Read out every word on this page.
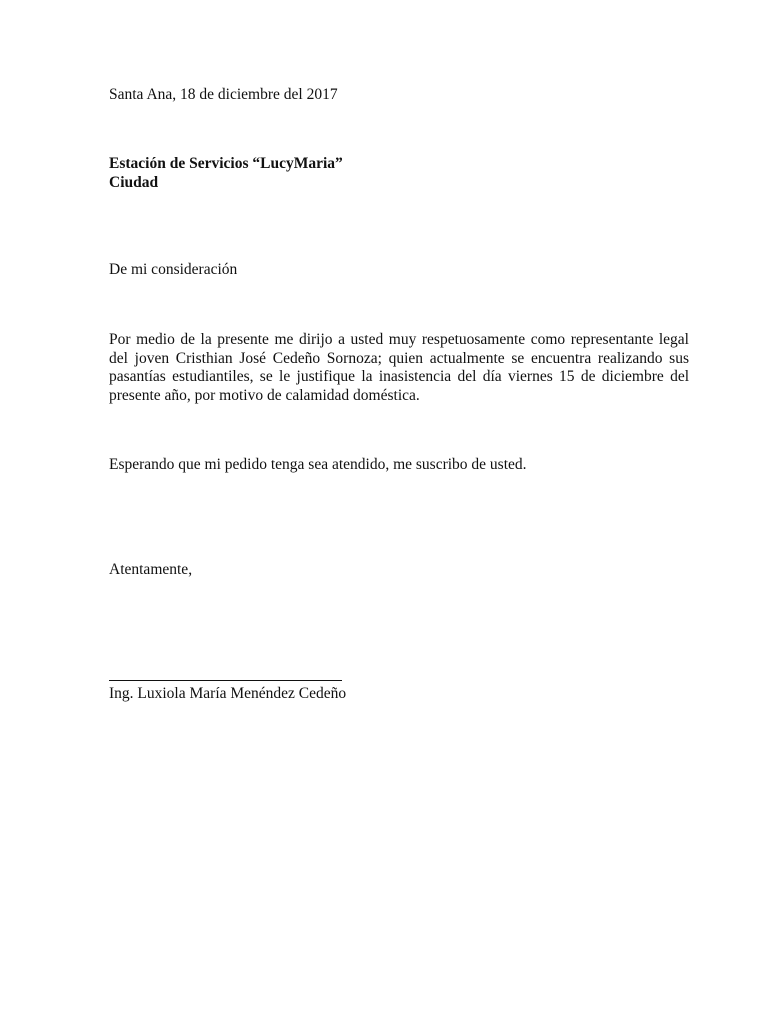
Santa Ana, 18 de diciembre del 2017

Estación de Servicios “LucyMaria”
Ciudad

De mi consideración

Por medio de la presente me dirijo a usted muy respetuosamente como representante legal del joven Cristhian José Cedeño Sornoza; quien actualmente se encuentra realizando sus pasantías estudiantiles, se le justifique la inasistencia del día viernes 15 de diciembre del presente año, por motivo de calamidad doméstica.

Esperando que mi pedido tenga sea atendido, me suscribo de usted.

Atentamente,

Ing. Luxiola María Menéndez Cedeño
